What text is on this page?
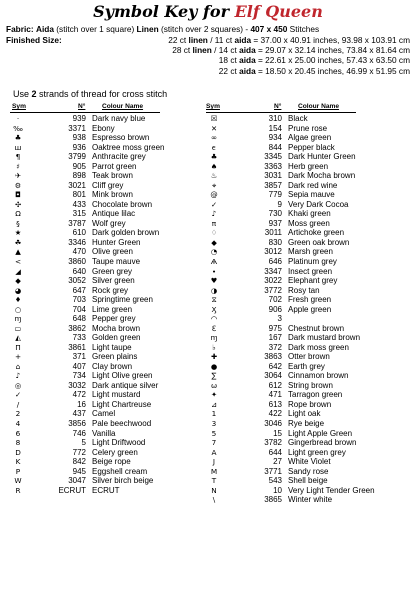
Symbol Key for Elf Queen
Fabric: Aida (stitch over 1 square) Linen (stitch over 2 squares) - 407 x 450 Stitches
Finished Size:	22 ct linen / 11 ct aida = 37.00 x 40.91 inches, 93.98 x 103.91 cm
28 ct linen / 14 ct aida = 29.07 x 32.14 inches, 73.84 x 81.64 cm
18 ct aida = 22.61 x 25.00 inches, 57.43 x 63.50 cm
22 ct aida = 18.50 x 20.45 inches, 46.99 x 51.95 cm
Use 2 strands of thread for cross stitch
Sym	N°	Colour Name
·	939 Dark navy blue
‰	3371 Ebony
♣	938 Espresso brown
ш	936 Oaktree moss green
¶	3799 Anthracite grey
♯	905 Parrot green
✈	898 Teak brown
⚙	3021 Cliff grey
◘	801 Mink brown
✣	433 Chocolate brown
Ω	315 Antique lilac
§	3787 Wolf grey
★	610 Dark golden brown
☘	3346 Hunter Green
▲	470 Olive green
<	3860 Taupe mauve
◢	640 Green grey
◆	3052 Silver green
◕	647 Rock grey
♦	703 Springtime green
○	704 Lime green
ɱ	648 Pepper grey
▭	3862 Mocha brown
◭	733 Golden green
Π	3861 Light taupe
+	371 Green plains
⌂	407 Clay brown
♪	734 Light Olive green
◎	3032 Dark antique silver
✓	472 Light mustard
/	16 Light Chartreuse
2	437 Camel
4	3856 Pale beechwood
6	746 Vanilla
8	5 Light Driftwood
D	772 Celery green
K	842 Beige rope
P	945 Eggshell cream
W	3047 Silver birch beige
R	ECRUT ECRUT
Sym	N°	Colour Name
☒	310 Black
✕	154 Prune rose
∞	934 Algae green
ϵ	844 Pepper black
♣	3345 Dark Hunter Green
♠	3363 Herb green
♨	3031 Dark Mocha brown
⌖	3857 Dark red wine
@	779 Sepia mauve
✓	9 Very Dark Cocoa
♪	730 Khaki green
π	937 Moss green
♢	3011 Artichoke green
◆	830 Green oak brown
◔	3012 Marsh green
Ѧ	646 Platinum grey
•	3347 Insect green
♥	3022 Elephant grey
◑	3772 Rosy tan
⧖	702 Fresh green
Ӽ	906 Apple green
◠	3
ℇ	975 Chestnut brown
ɱ	167 Dark mustard brown
♭	372 Dark moss green
✚	3863 Otter brown
●	642 Earth grey
∑	3064 Cinnamon brown
ω	612 String brown
✦	471 Tarragon green
⊿	613 Rope brown
1	422 Light oak
3	3046 Rye beige
5	15 Light Apple Green
7	3782 Gingerbread brown
A	644 Light green grey
J	27 White Violet
M	3771 Sandy rose
T	543 Shell beige
N	10 Very Light Tender Green
\	3865 Winter white
